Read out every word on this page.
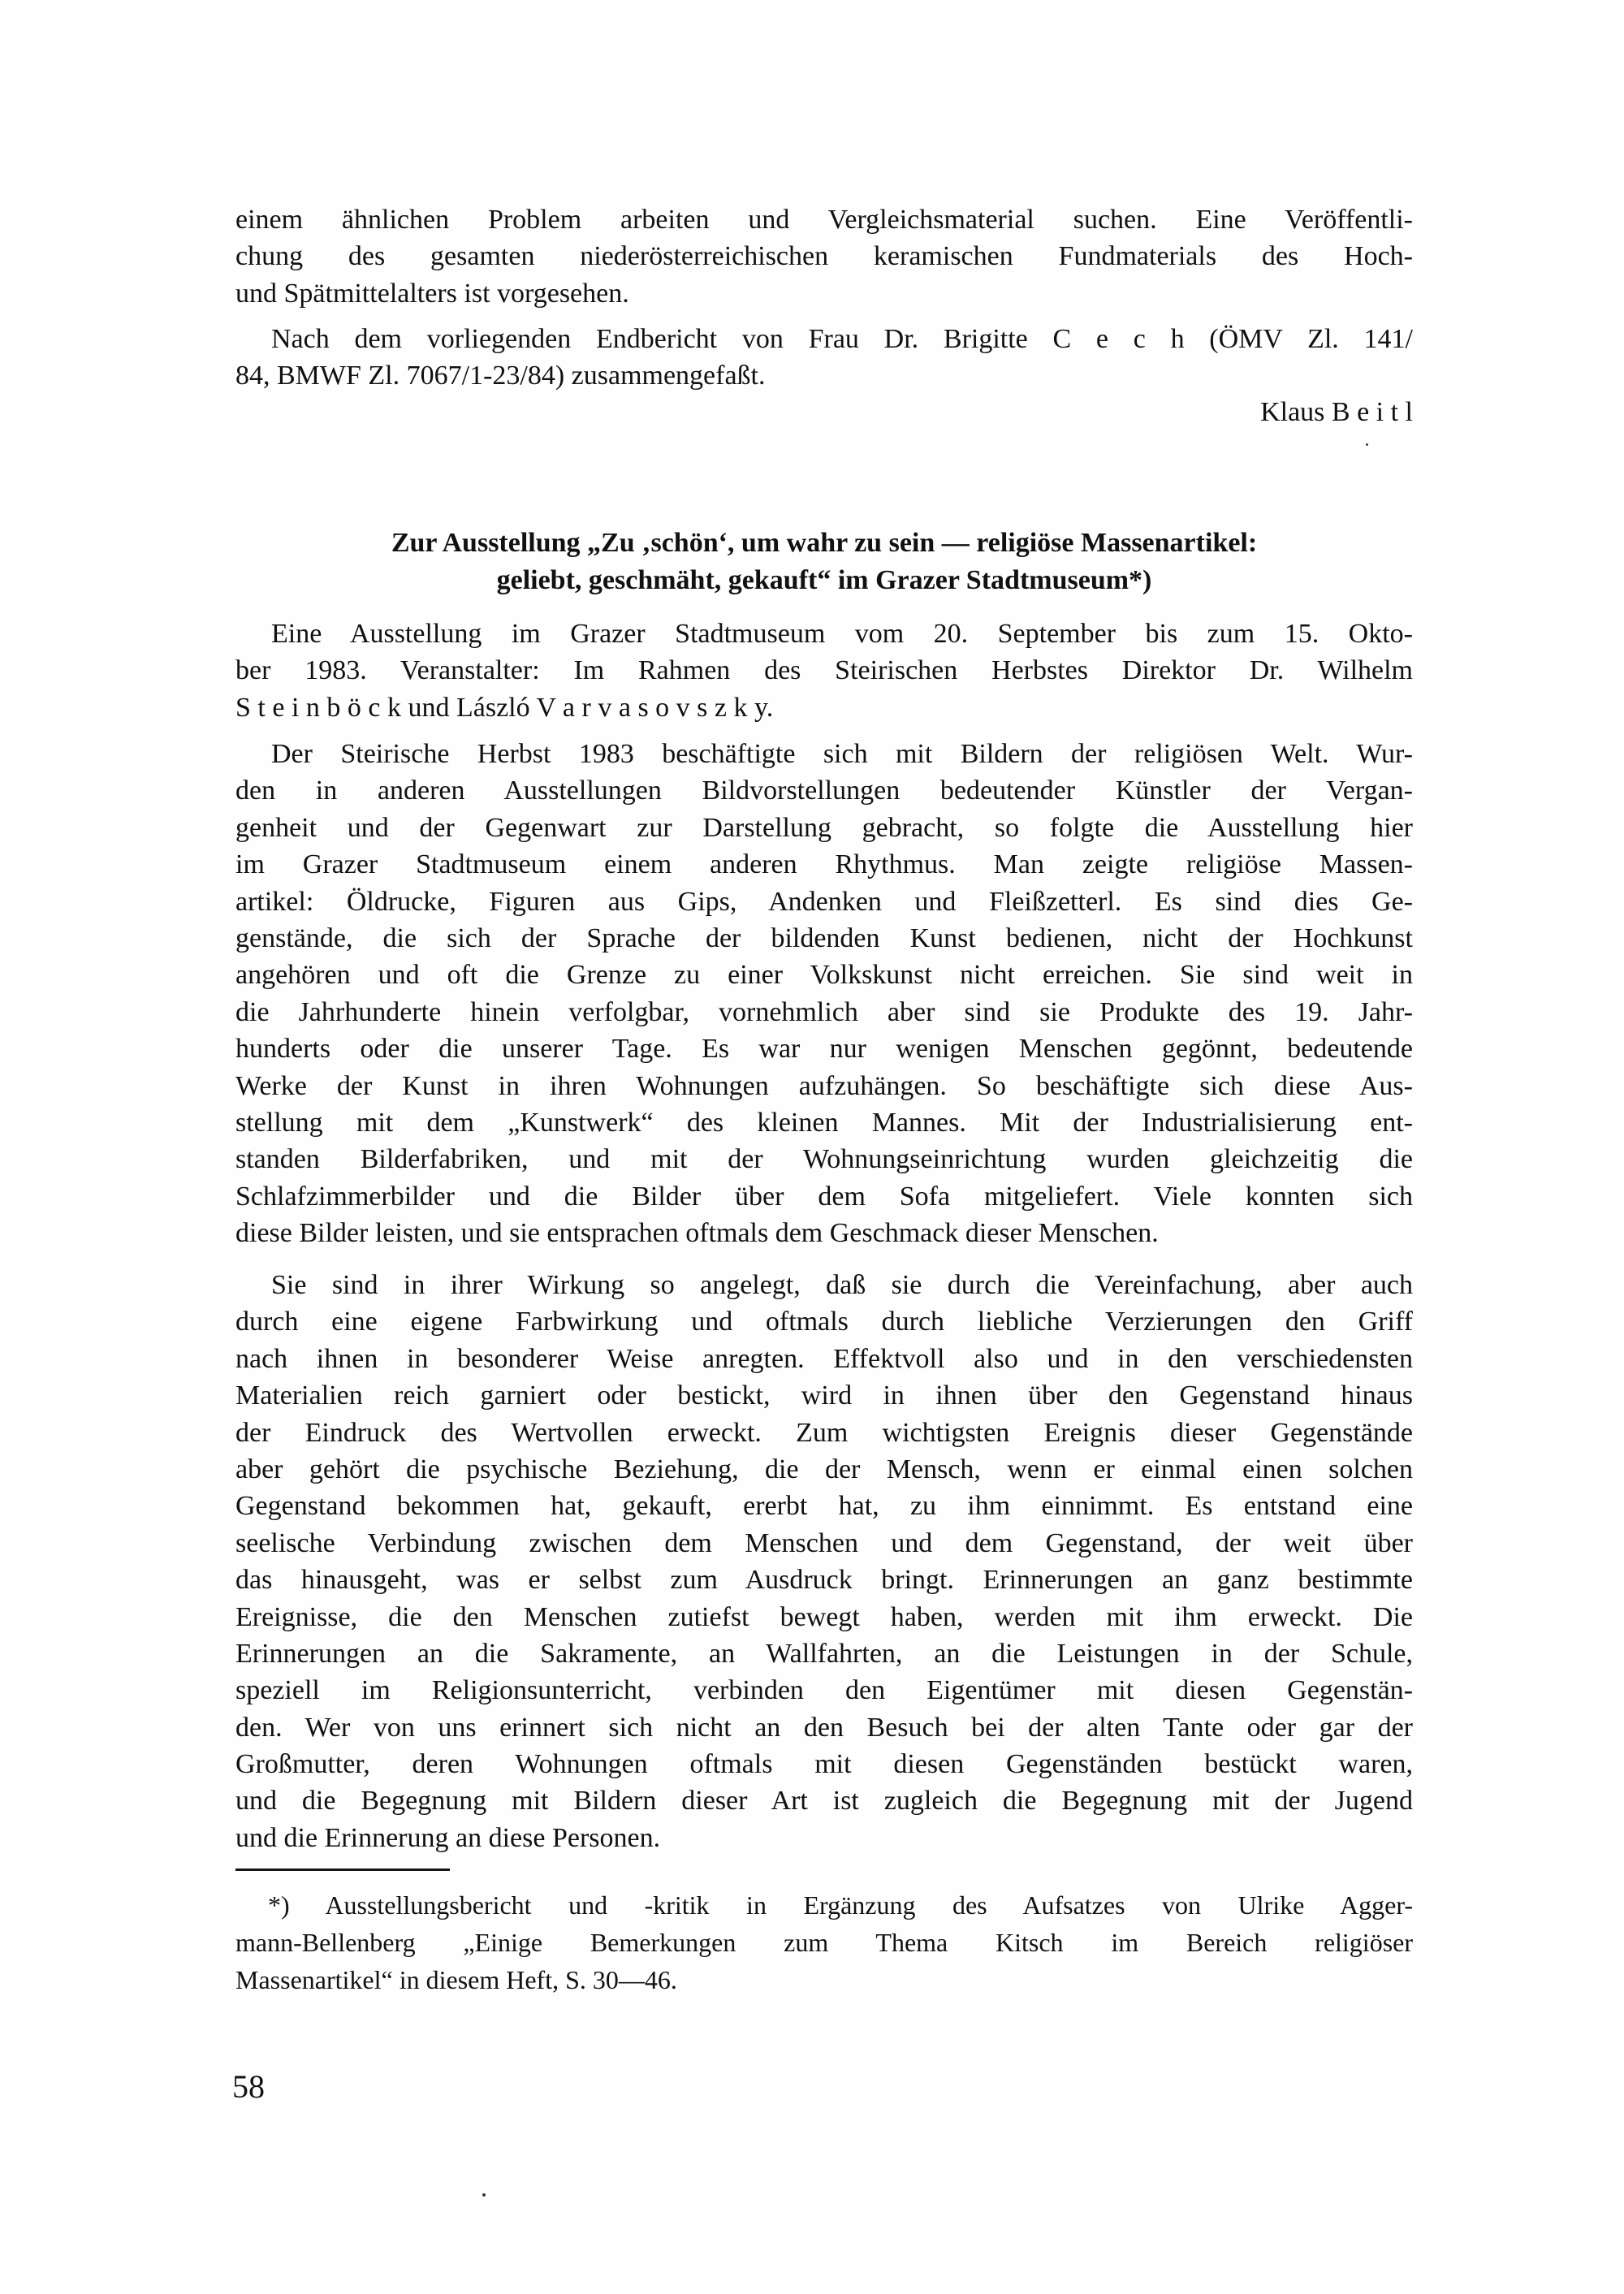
einem ähnlichen Problem arbeiten und Vergleichsmaterial suchen. Eine Veröffentli-
chung des gesamten niederösterreichischen keramischen Fundmaterials des Hoch-
und Spätmittelalters ist vorgesehen.
Nach dem vorliegenden Endbericht von Frau Dr. Brigitte C e c h (ÖMV Zl. 141/
84, BMWF Zl. 7067/1-23/84) zusammengefaßt.
Klaus B e i t l
Zur Ausstellung „Zu ‚schön‘, um wahr zu sein — religiöse Massenartikel:
geliebt, geschmäht, gekauft“ im Grazer Stadtmuseum*)
Eine Ausstellung im Grazer Stadtmuseum vom 20. September bis zum 15. Okto-
ber 1983. Veranstalter: Im Rahmen des Steirischen Herbstes Direktor Dr. Wilhelm
S t e i n b ö c k und László V a r v a s o v s z k y.
Der Steirische Herbst 1983 beschäftigte sich mit Bildern der religiösen Welt. Wur-
den in anderen Ausstellungen Bildvorstellungen bedeutender Künstler der Vergan-
genheit und der Gegenwart zur Darstellung gebracht, so folgte die Ausstellung hier
im Grazer Stadtmuseum einem anderen Rhythmus. Man zeigte religiöse Massen-
artikel: Öldrucke, Figuren aus Gips, Andenken und Fleißzetterl. Es sind dies Ge-
genstände, die sich der Sprache der bildenden Kunst bedienen, nicht der Hochkunst
angehören und oft die Grenze zu einer Volkskunst nicht erreichen. Sie sind weit in
die Jahrhunderte hinein verfolgbar, vornehmlich aber sind sie Produkte des 19. Jahr-
hunderts oder die unserer Tage. Es war nur wenigen Menschen gegönnt, bedeutende
Werke der Kunst in ihren Wohnungen aufzuhängen. So beschäftigte sich diese Aus-
stellung mit dem „Kunstwerk“ des kleinen Mannes. Mit der Industrialisierung ent-
standen Bilderfabriken, und mit der Wohnungseinrichtung wurden gleichzeitig die
Schlafzimmerbilder und die Bilder über dem Sofa mitgeliefert. Viele konnten sich
diese Bilder leisten, und sie entsprachen oftmals dem Geschmack dieser Menschen.
Sie sind in ihrer Wirkung so angelegt, daß sie durch die Vereinfachung, aber auch
durch eine eigene Farbwirkung und oftmals durch liebliche Verzierungen den Griff
nach ihnen in besonderer Weise anregten. Effektvoll also und in den verschiedensten
Materialien reich garniert oder bestickt, wird in ihnen über den Gegenstand hinaus
der Eindruck des Wertvollen erweckt. Zum wichtigsten Ereignis dieser Gegenstände
aber gehört die psychische Beziehung, die der Mensch, wenn er einmal einen solchen
Gegenstand bekommen hat, gekauft, ererbt hat, zu ihm einnimmt. Es entstand eine
seelische Verbindung zwischen dem Menschen und dem Gegenstand, der weit über
das hinausgeht, was er selbst zum Ausdruck bringt. Erinnerungen an ganz bestimmte
Ereignisse, die den Menschen zutiefst bewegt haben, werden mit ihm erweckt. Die
Erinnerungen an die Sakramente, an Wallfahrten, an die Leistungen in der Schule,
speziell im Religionsunterricht, verbinden den Eigentümer mit diesen Gegenstän-
den. Wer von uns erinnert sich nicht an den Besuch bei der alten Tante oder gar der
Großmutter, deren Wohnungen oftmals mit diesen Gegenständen bestückt waren,
und die Begegnung mit Bildern dieser Art ist zugleich die Begegnung mit der Jugend
und die Erinnerung an diese Personen.
*) Ausstellungsbericht und -kritik in Ergänzung des Aufsatzes von Ulrike Agger-
mann-Bellenberg „Einige Bemerkungen zum Thema Kitsch im Bereich religiöser
Massenartikel“ in diesem Heft, S. 30—46.
58
